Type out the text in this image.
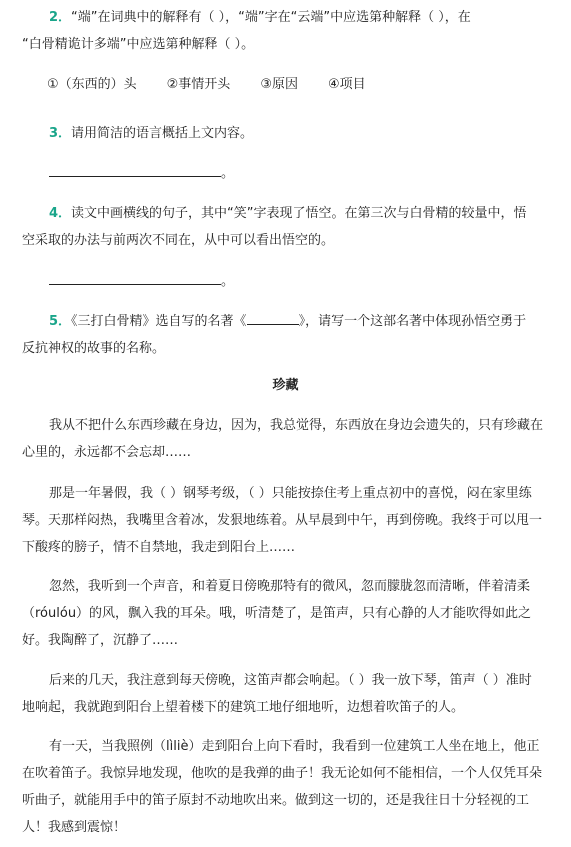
2．“端”在词典中的解释有（ ），“端”字在“云端”中应选第种解释（ ），在
“白骨精诡计多端”中应选第种解释（ ）。
①（东西的）头 ②事情开头 ③原因 ④项目
3．请用简洁的语言概括上文内容。
。
4．读文中画横线的句子，其中“笑”字表现了悟空。在第三次与白骨精的较量中，悟
空采取的办法与前两次不同在，从中可以看出悟空的。
。
5．《三打白骨精》选自写的名著《	》，请写一个这部名著中体现孙悟空勇于
反抗神权的故事的名称。
珍藏
我从不把什么东西珍藏在身边，因为，我总觉得，东西放在身边会遗失的，只有珍藏在
心里的，永远都不会忘却……
那是一年暑假，我（ ）钢琴考级，（ ）只能按捺住考上重点初中的喜悦，闷在家里练
琴。天那样闷热，我嘴里含着冰，发狠地练着。从早晨到中午，再到傍晚。我终于可以甩一
下酸疼的膀子，情不自禁地，我走到阳台上……
忽然，我听到一个声音，和着夏日傍晚那特有的微风，忽而朦胧忽而清晰，伴着清柔
（róulóu）的风，飘入我的耳朵。哦，听清楚了，是笛声，只有心静的人才能吹得如此之
好。我陶醉了，沉静了……
后来的几天，我注意到每天傍晚，这笛声都会响起。（ ）我一放下琴，笛声（ ）准时
地响起，我就跑到阳台上望着楼下的建筑工地仔细地听，边想着吹笛子的人。
有一天，当我照例（lìliè）走到阳台上向下看时，我看到一位建筑工人坐在地上，他正
在吹着笛子。我惊异地发现，他吹的是我弹的曲子！我无论如何不能相信，一个人仅凭耳朵
听曲子，就能用手中的笛子原封不动地吹出来。做到这一切的，还是我往日十分轻视的工
人！我感到震惊！
